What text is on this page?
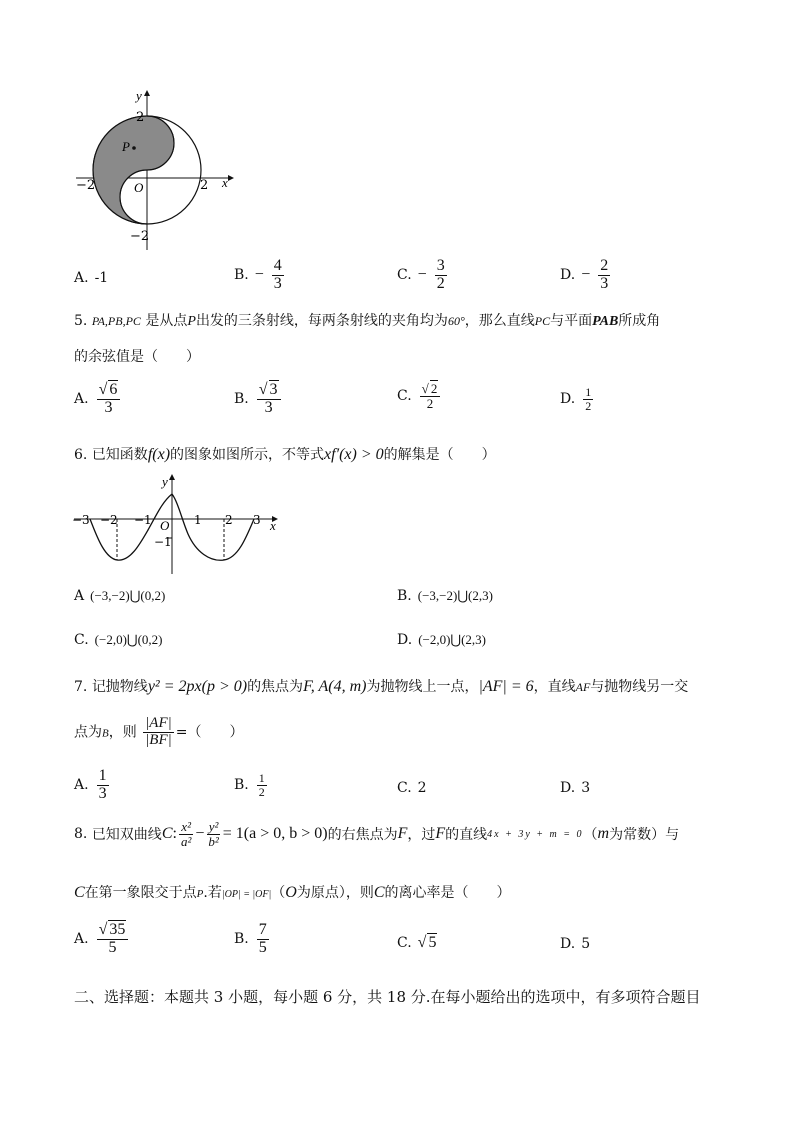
P
O
y
x
2
−2
2
−2
A. -1	B. − $\frac{4}{3}$	C. − $\frac{3}{2}$	D. − $\frac{2}{3}$
5. PA,PB,PC 是从点P出发的三条射线，每两条射线的夹角均为60°，那么直线PC与平面PAB所成角
的余弦值是（　　）
A. $\frac{√ 6}{3}$	B. $\frac{√ 3}{3}$	C. $\frac{√ 2}{2}$	D. $\frac{1}{2}$
6. 已知函数f(x)的图象如图所示，不等式xf′(x) > 0的解集是（　　）
y
x
O
−1
−3 −2 −1	1 2 3
A (−3,−2)⋃(0,2)	B. (−3,−2)⋃(2,3)
C. (−2,0)⋃(0,2)	D. (−2,0)⋃(2,3)
7. 记抛物线y² = 2px(p > 0)的焦点为F, A(4, m)为抛物线上一点，|AF| = 6，直线AF与抛物线另一交
点为B，则 $\frac{|AF|}{|BF|}$ =（　　）
A. $\frac{1}{3}$	B. $\frac{1}{2}$	C. 2	D. 3
8.
已知双曲线 C : $\frac{\text{x²}}{\text{a²}} - \frac{\text{y²}}{\text{b²}} = 1(a > 0$, b > 0) 的右焦点为 F ，过 F 的直线 4x + 3y + m = 0 （ m 为常数）与
C在第一象限交于点P.若|OP| = |OF|（O为原点），则C的离心率是（　　）
A. $\frac{√ 35}{5}$	B. $\frac{7}{5}$	C. √ 5	D. 5
二、选择题：本题共 3 小题，每小题 6 分，共 18 分.在每小题给出的选项中，有多项符合题目
